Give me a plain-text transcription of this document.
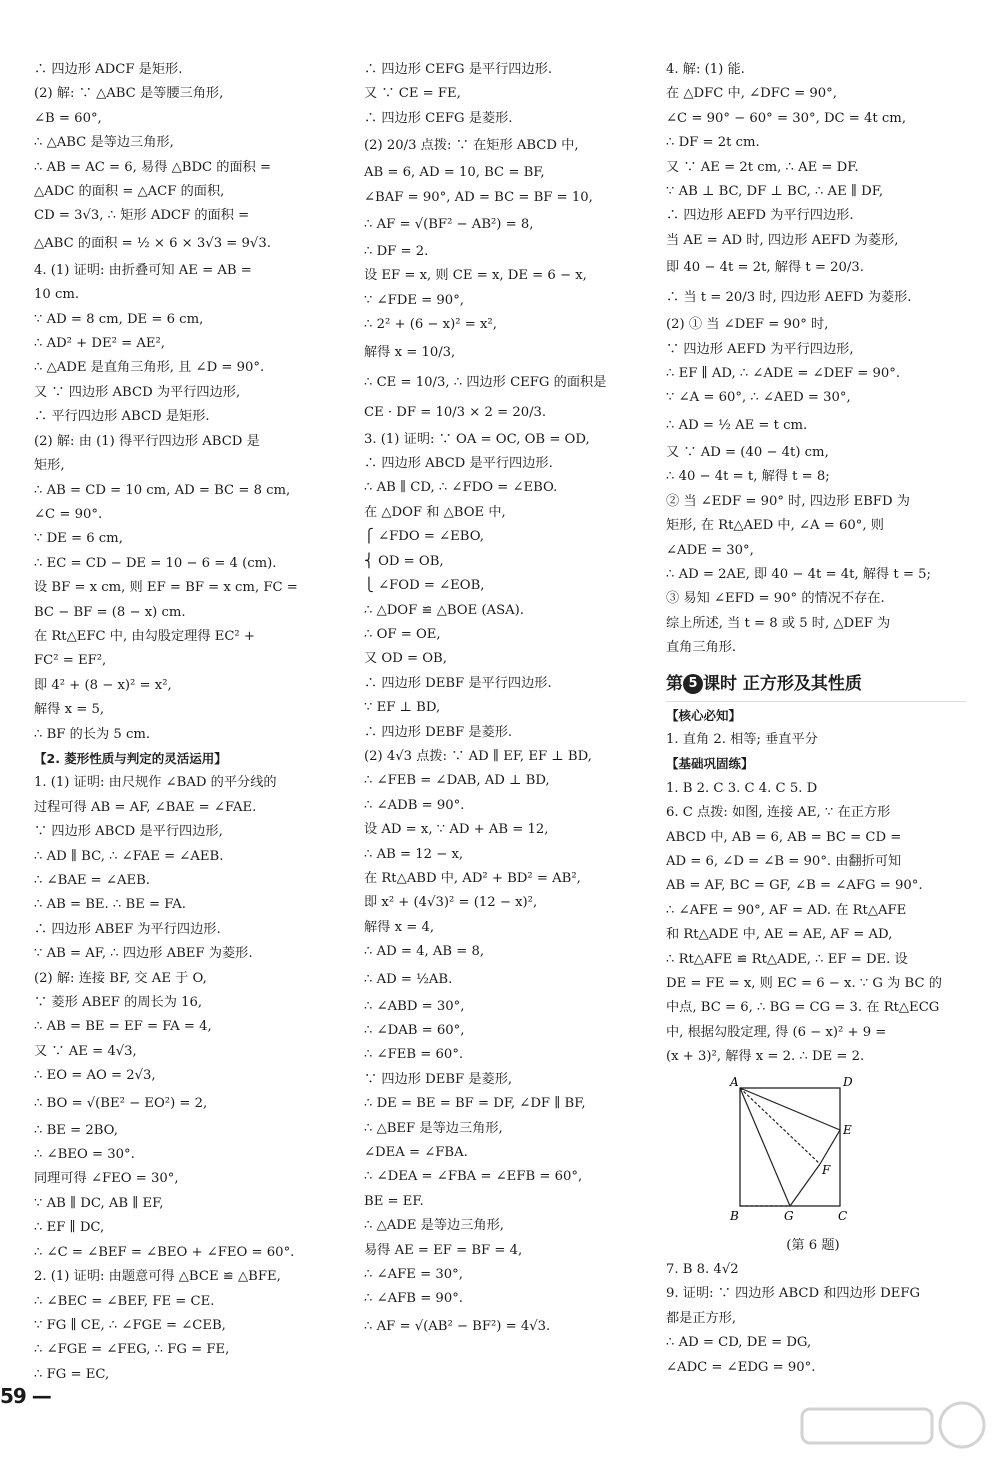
∴ 四边形 ADCF 是矩形.
(2) 解: ∵ △ABC 是等腰三角形,
∠B = 60°,
∴ △ABC 是等边三角形,
∴ AB = AC = 6, 易得 △BDC 的面积 =
△ADC 的面积 = △ACF 的面积,
CD = 3√3, ∴ 矩形 ADCF 的面积 =
△ABC 的面积 = ½ × 6 × 3√3 = 9√3.
4. (1) 证明: 由折叠可知 AE = AB =
10 cm.
∵ AD = 8 cm, DE = 6 cm,
∴ AD² + DE² = AE²,
∴ △ADE 是直角三角形, 且 ∠D = 90°.
又 ∵ 四边形 ABCD 为平行四边形,
∴ 平行四边形 ABCD 是矩形.
(2) 解: 由 (1) 得平行四边形 ABCD 是
矩形,
∴ AB = CD = 10 cm, AD = BC = 8 cm,
∠C = 90°.
∵ DE = 6 cm,
∴ EC = CD − DE = 10 − 6 = 4 (cm).
设 BF = x cm, 则 EF = BF = x cm, FC =
BC − BF = (8 − x) cm.
在 Rt△EFC 中, 由勾股定理得 EC² +
FC² = EF²,
即 4² + (8 − x)² = x²,
解得 x = 5,
∴ BF 的长为 5 cm.
【2. 菱形性质与判定的灵活运用】
1. (1) 证明: 由尺规作 ∠BAD 的平分线的
过程可得 AB = AF, ∠BAE = ∠FAE.
∵ 四边形 ABCD 是平行四边形,
∴ AD ∥ BC, ∴ ∠FAE = ∠AEB.
∴ ∠BAE = ∠AEB.
∴ AB = BE. ∴ BE = FA.
∴ 四边形 ABEF 为平行四边形.
∵ AB = AF, ∴ 四边形 ABEF 为菱形.
(2) 解: 连接 BF, 交 AE 于 O,
∵ 菱形 ABEF 的周长为 16,
∴ AB = BE = EF = FA = 4,
又 ∵ AE = 4√3,
∴ EO = AO = 2√3,
∴ BO = √(BE² − EO²) = 2,
∴ BE = 2BO,
∴ ∠BEO = 30°.
同理可得 ∠FEO = 30°,
∵ AB ∥ DC, AB ∥ EF,
∴ EF ∥ DC,
∴ ∠C = ∠BEF = ∠BEO + ∠FEO = 60°.
2. (1) 证明: 由题意可得 △BCE ≌ △BFE,
∴ ∠BEC = ∠BEF, FE = CE.
∵ FG ∥ CE, ∴ ∠FGE = ∠CEB,
∴ ∠FGE = ∠FEG, ∴ FG = FE,
∴ FG = EC,
∴ 四边形 CEFG 是平行四边形.
又 ∵ CE = FE,
∴ 四边形 CEFG 是菱形.
(2) 20/3 点拨: ∵ 在矩形 ABCD 中,
AB = 6, AD = 10, BC = BF,
∠BAF = 90°, AD = BC = BF = 10,
∴ AF = √(BF² − AB²) = 8,
∴ DF = 2.
设 EF = x, 则 CE = x, DE = 6 − x,
∵ ∠FDE = 90°,
∴ 2² + (6 − x)² = x²,
解得 x = 10/3,
∴ CE = 10/3, ∴ 四边形 CEFG 的面积是
CE · DF = 10/3 × 2 = 20/3.
3. (1) 证明: ∵ OA = OC, OB = OD,
∴ 四边形 ABCD 是平行四边形.
∴ AB ∥ CD, ∴ ∠FDO = ∠EBO.
在 △DOF 和 △BOE 中,
⎧ ∠FDO = ∠EBO,
⎨ OD = OB,
⎩ ∠FOD = ∠EOB,
∴ △DOF ≌ △BOE (ASA).
∴ OF = OE,
又 OD = OB,
∴ 四边形 DEBF 是平行四边形.
∵ EF ⊥ BD,
∴ 四边形 DEBF 是菱形.
(2) 4√3 点拨: ∵ AD ∥ EF, EF ⊥ BD,
∴ ∠FEB = ∠DAB, AD ⊥ BD,
∴ ∠ADB = 90°.
设 AD = x, ∵ AD + AB = 12,
∴ AB = 12 − x,
在 Rt△ABD 中, AD² + BD² = AB²,
即 x² + (4√3)² = (12 − x)²,
解得 x = 4,
∴ AD = 4, AB = 8,
∴ AD = ½AB.
∴ ∠ABD = 30°,
∴ ∠DAB = 60°,
∴ ∠FEB = 60°.
∵ 四边形 DEBF 是菱形,
∴ DE = BE = BF = DF, ∠DF ∥ BF,
∴ △BEF 是等边三角形,
∠DEA = ∠FBA.
∴ ∠DEA = ∠FBA = ∠EFB = 60°,
BE = EF.
∴ △ADE 是等边三角形,
易得 AE = EF = BF = 4,
∴ ∠AFE = 30°,
∴ ∠AFB = 90°.
∴ AF = √(AB² − BF²) = 4√3.
4. 解: (1) 能.
在 △DFC 中, ∠DFC = 90°,
∠C = 90° − 60° = 30°, DC = 4t cm,
∴ DF = 2t cm.
又 ∵ AE = 2t cm, ∴ AE = DF.
∵ AB ⊥ BC, DF ⊥ BC, ∴ AE ∥ DF,
∴ 四边形 AEFD 为平行四边形.
当 AE = AD 时, 四边形 AEFD 为菱形,
即 40 − 4t = 2t, 解得 t = 20/3.
∴ 当 t = 20/3 时, 四边形 AEFD 为菱形.
(2) ① 当 ∠DEF = 90° 时,
∵ 四边形 AEFD 为平行四边形,
∴ EF ∥ AD, ∴ ∠ADE = ∠DEF = 90°.
∵ ∠A = 60°, ∴ ∠AED = 30°,
∴ AD = ½ AE = t cm.
又 ∵ AD = (40 − 4t) cm,
∴ 40 − 4t = t, 解得 t = 8;
② 当 ∠EDF = 90° 时, 四边形 EBFD 为
矩形, 在 Rt△AED 中, ∠A = 60°, 则
∠ADE = 30°,
∴ AD = 2AE, 即 40 − 4t = 4t, 解得 t = 5;
③ 易知 ∠EFD = 90° 的情况不存在.
综上所述, 当 t = 8 或 5 时, △DEF 为
直角三角形.
第 5 课时 正方形及其性质
【核心必知】
1. 直角 2. 相等; 垂直平分
【基础巩固练】
1. B 2. C 3. C 4. C 5. D
6. C 点拨: 如图, 连接 AE, ∵ 在正方形
ABCD 中, AB = 6, AB = BC = CD =
AD = 6, ∠D = ∠B = 90°. 由翻折可知
AB = AF, BC = GF, ∠B = ∠AFG = 90°.
∴ ∠AFE = 90°, AF = AD. 在 Rt△AFE
和 Rt△ADE 中, AE = AE, AF = AD,
∴ Rt△AFE ≌ Rt△ADE, ∴ EF = DE. 设
DE = FE = x, 则 EC = 6 − x. ∵ G 为 BC 的
中点, BC = 6, ∴ BG = CG = 3. 在 Rt△ECG
中, 根据勾股定理, 得 (6 − x)² + 9 =
(x + 3)², 解得 x = 2. ∴ DE = 2.
A	D
E
F
B	G	C
(第 6 题)
7. B 8. 4√2
9. 证明: ∵ 四边形 ABCD 和四边形 DEFG
都是正方形,
∴ AD = CD, DE = DG,
∠ADC = ∠EDG = 90°.
59 —
